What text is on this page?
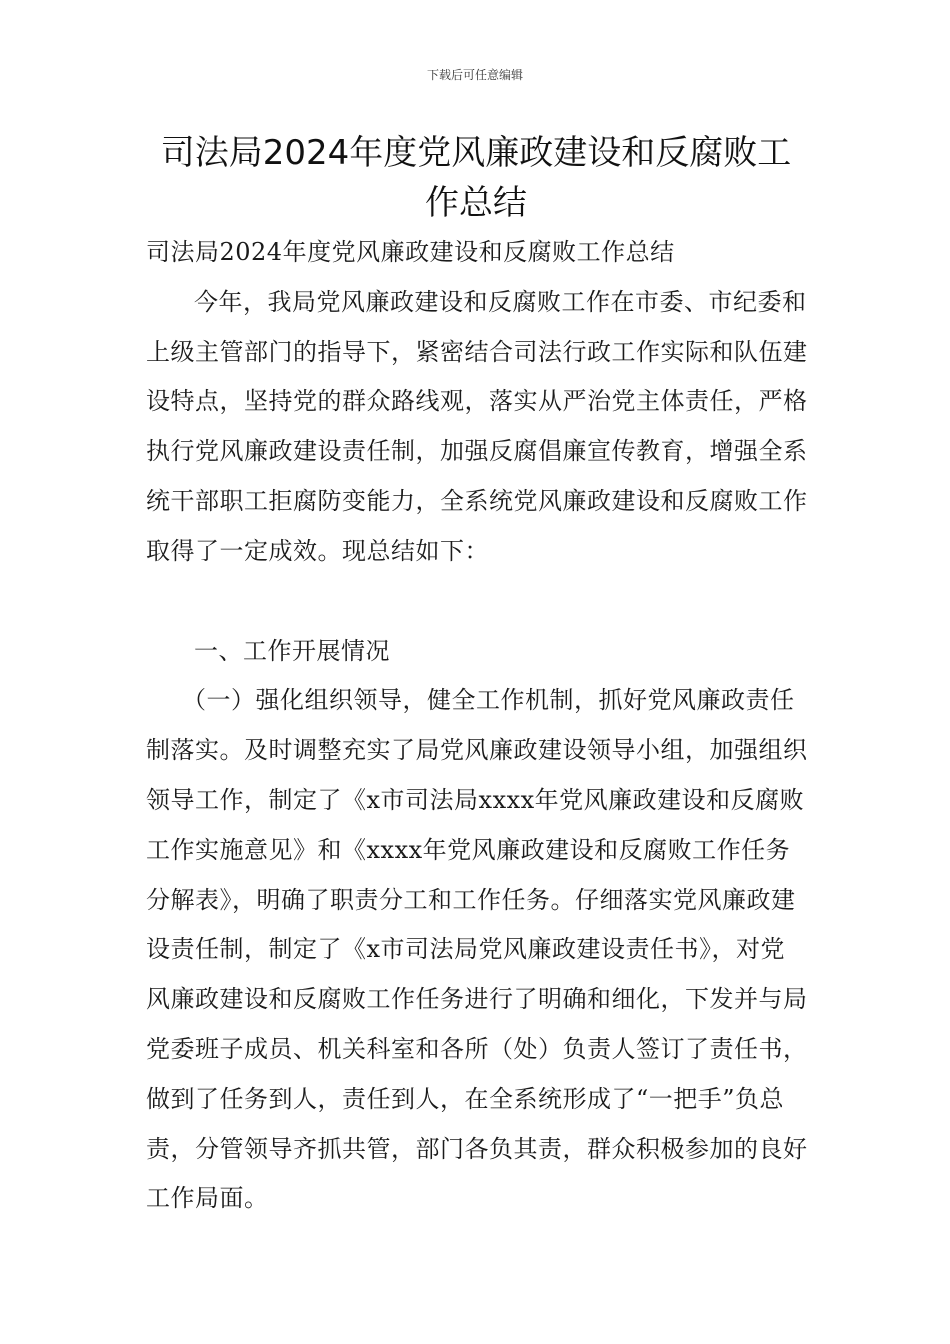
下载后可任意编辑
司法局2024年度党风廉政建设和反腐败工作总结

司法局2024年度党风廉政建设和反腐败工作总结

今年，我局党风廉政建设和反腐败工作在市委、市纪委和上级主管部门的指导下，紧密结合司法行政工作实际和队伍建设特点，坚持党的群众路线观，落实从严治党主体责任，严格执行党风廉政建设责任制，加强反腐倡廉宣传教育，增强全系统干部职工拒腐防变能力，全系统党风廉政建设和反腐败工作取得了一定成效。现总结如下：

一、工作开展情况

（一）强化组织领导，健全工作机制，抓好党风廉政责任制落实。及时调整充实了局党风廉政建设领导小组，加强组织领导工作，制定了《x市司法局xxxx年党风廉政建设和反腐败工作实施意见》和《xxxx年党风廉政建设和反腐败工作任务分解表》，明确了职责分工和工作任务。仔细落实党风廉政建设责任制，制定了《x市司法局党风廉政建设责任书》，对党风廉政建设和反腐败工作任务进行了明确和细化，下发并与局党委班子成员、机关科室和各所（处）负责人签订了责任书，做到了任务到人，责任到人，在全系统形成了“一把手”负总责，分管领导齐抓共管，部门各负其责，群众积极参加的良好工作局面。
